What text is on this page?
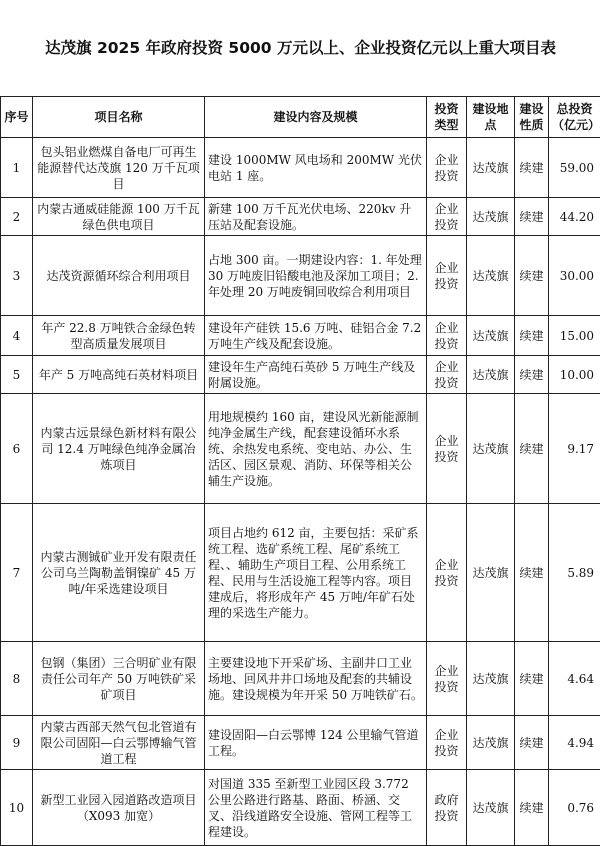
达茂旗 2025 年政府投资 5000 万元以上、企业投资亿元以上重大项目表						
序号	项目名称	建设内容及规模	投资类型	建设地点	建设性质	总投资（亿元）
1	包头铝业燃煤自备电厂可再生能源替代达茂旗 120 万千瓦项目	建设 1000MW 风电场和 200MW 光伏电站 1 座。	企业投资	达茂旗	续建	59.00
2	内蒙古通威硅能源 100 万千瓦绿色供电项目	新建 100 万千瓦光伏电场、220kv 升压站及配套设施。	企业投资	达茂旗	续建	44.20
3	达茂资源循环综合利用项目	占地 300 亩。一期建设内容：1. 年处理 30 万吨废旧铅酸电池及深加工项目；2. 年处理 20 万吨废铜回收综合利用项目	企业投资	达茂旗	续建	30.00
4	年产 22.8 万吨铁合金绿色转型高质量发展项目	建设年产硅铁 15.6 万吨、硅铝合金 7.2 万吨生产线及配套设施。	企业投资	达茂旗	续建	15.00
5	年产 5 万吨高纯石英材料项目	建设年生产高纯石英砂 5 万吨生产线及附属设施。	企业投资	达茂旗	续建	10.00
6	内蒙古远景绿色新材料有限公司 12.4 万吨绿色纯净金属冶炼项目	用地规模约 160 亩，建设风光新能源制纯净金属生产线，配套建设循环水系统、余热发电系统、变电站、办公、生活区、园区景观、消防、环保等相关公辅生产设施。	企业投资	达茂旗	续建	9.17
7	内蒙古测铖矿业开发有限责任公司乌兰陶勒盖铜镍矿 45 万吨/年采选建设项目	项目占地约 612 亩，主要包括：采矿系统工程、选矿系统工程、尾矿系统工程、、辅助生产项目工程、公用系统工程、民用与生活设施工程等内容。项目建成后，将形成年产 45 万吨/年矿石处理的采选生产能力。	企业投资	达茂旗	续建	5.89
8	包钢（集团）三合明矿业有限责任公司年产 50 万吨铁矿采矿项目	主要建设地下开采矿场、主副井口工业场地、回风井井口场地及配套的共辅设施。建设规模为年开采 50 万吨铁矿石。	企业投资	达茂旗	续建	4.64
9	内蒙古西部天然气包北管道有限公司固阳—白云鄂博输气管道工程	建设固阳—白云鄂博 124 公里输气管道工程。	企业投资	达茂旗	续建	4.94
10	新型工业园入园道路改造项目（X093 加宽）	对国道 335 至新型工业园区段 3.772 公里公路进行路基、路面、桥涵、交叉、沿线道路安全设施、管网工程等工程建设。	政府投资	达茂旗	续建	0.76
